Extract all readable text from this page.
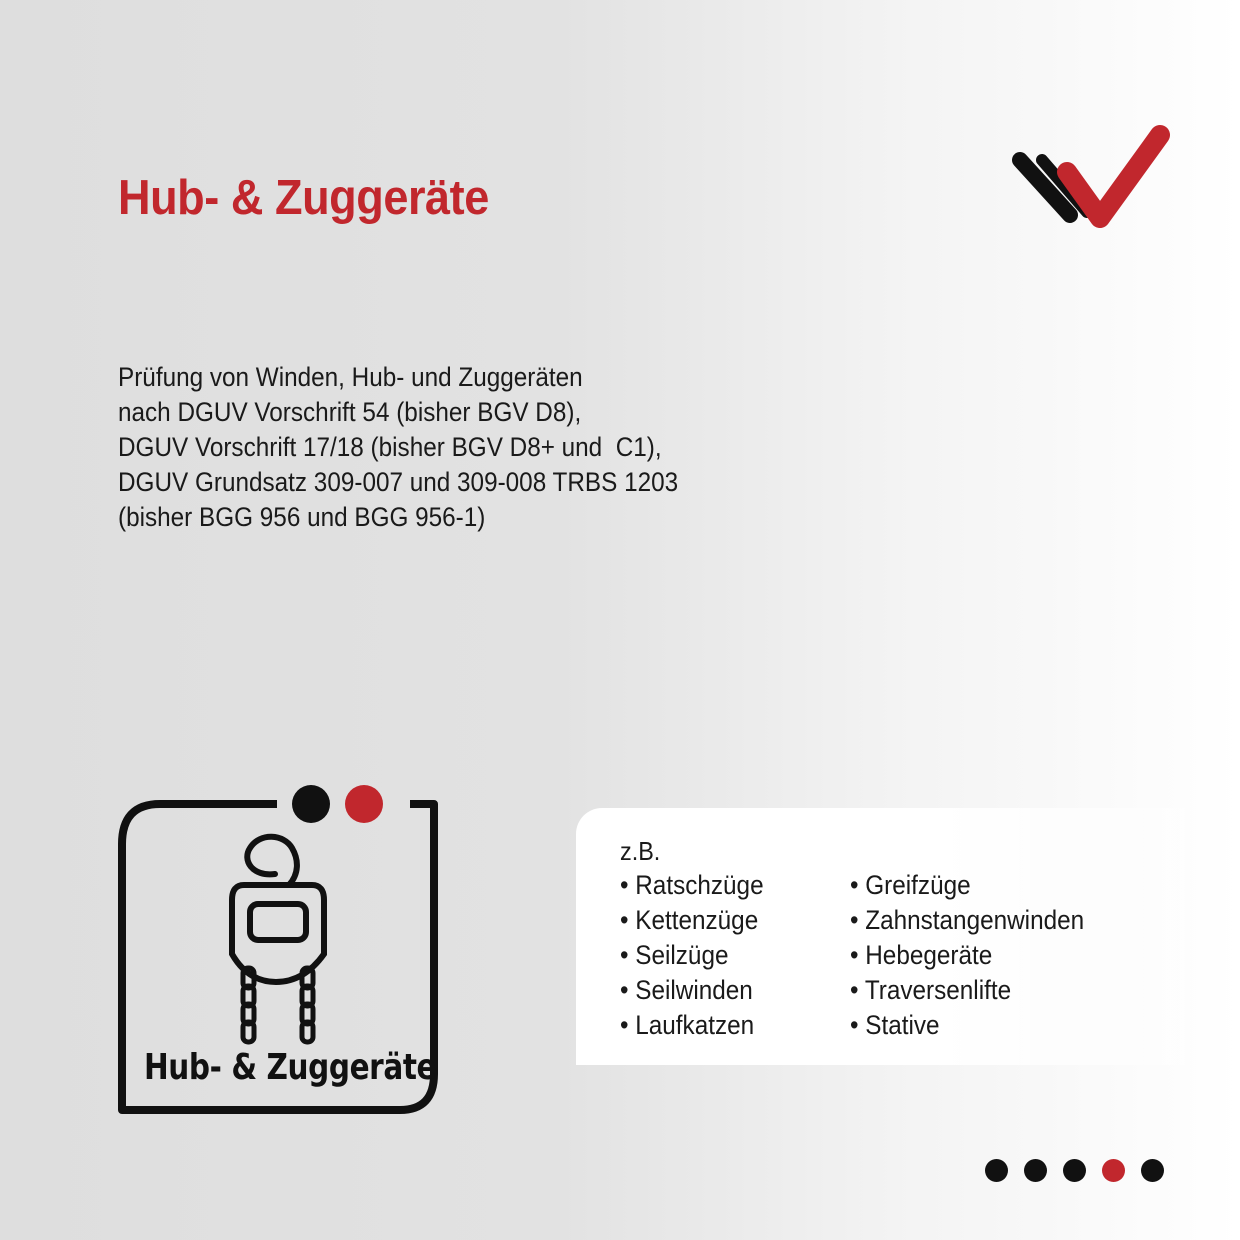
Hub- & Zuggeräte
Prüfung von Winden, Hub- und Zuggeräten
nach DGUV Vorschrift 54 (bisher BGV D8),
DGUV Vorschrift 17/18 (bisher BGV D8+ und  C1),
DGUV Grundsatz 309-007 und 309-008 TRBS 1203
(bisher BGG 956 und BGG 956-1)
Hub- & Zuggeräte
z.B.
• Ratschzüge
• Kettenzüge
• Seilzüge
• Seilwinden
• Laufkatzen
• Greifzüge
• Zahnstangenwinden
• Hebegeräte
• Traversenlifte
• Stative
